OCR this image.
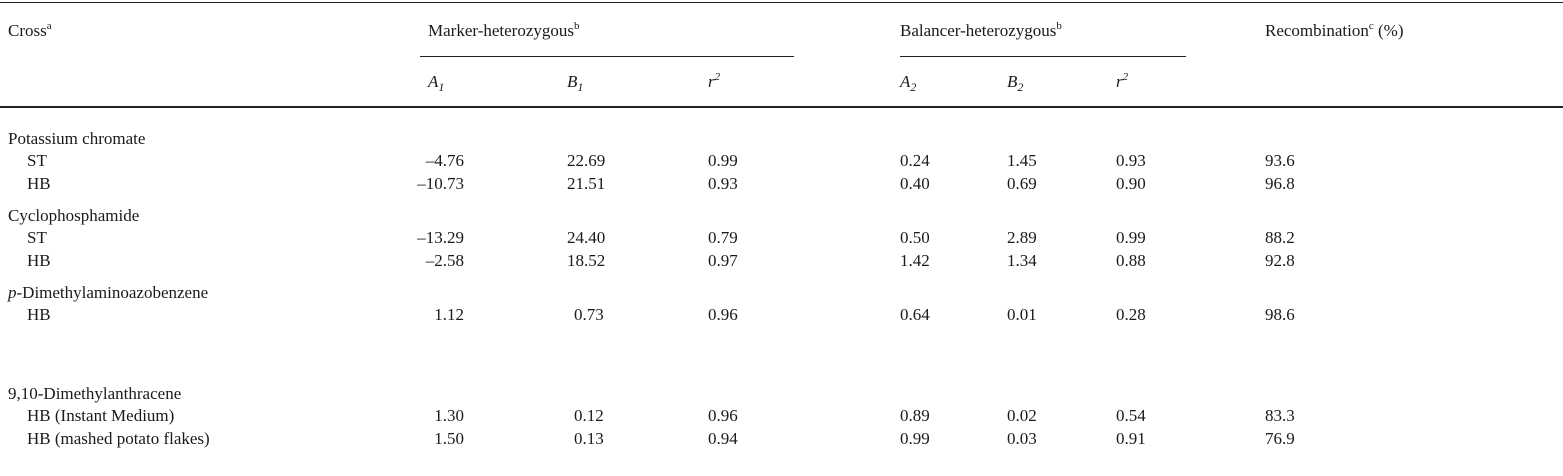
Cross$^a$	Marker-heterozygous$^b$	Balancer-heterozygous$^b$	Recombination$^c$ (%)
$A_1$	$B_1$	$r^2$	$A_2$	$B_2$	$r^2$
Potassium chromate
ST	–4.76	22.69	0.99	0.24	1.45	0.93	93.6
HB	–10.73	21.51	0.93	0.40	0.69	0.90	96.8
Cyclophosphamide
ST	–13.29	24.40	0.79	0.50	2.89	0.99	88.2
HB	–2.58	18.52	0.97	1.42	1.34	0.88	92.8
p-Dimethylaminoazobenzene
HB	1.12	0.73	0.96	0.64	0.01	0.28	98.6
9,10-Dimethylanthracene
HB (Instant Medium)	1.30	0.12	0.96	0.89	0.02	0.54	83.3
HB (mashed potato flakes)	1.50	0.13	0.94	0.99	0.03	0.91	76.9
